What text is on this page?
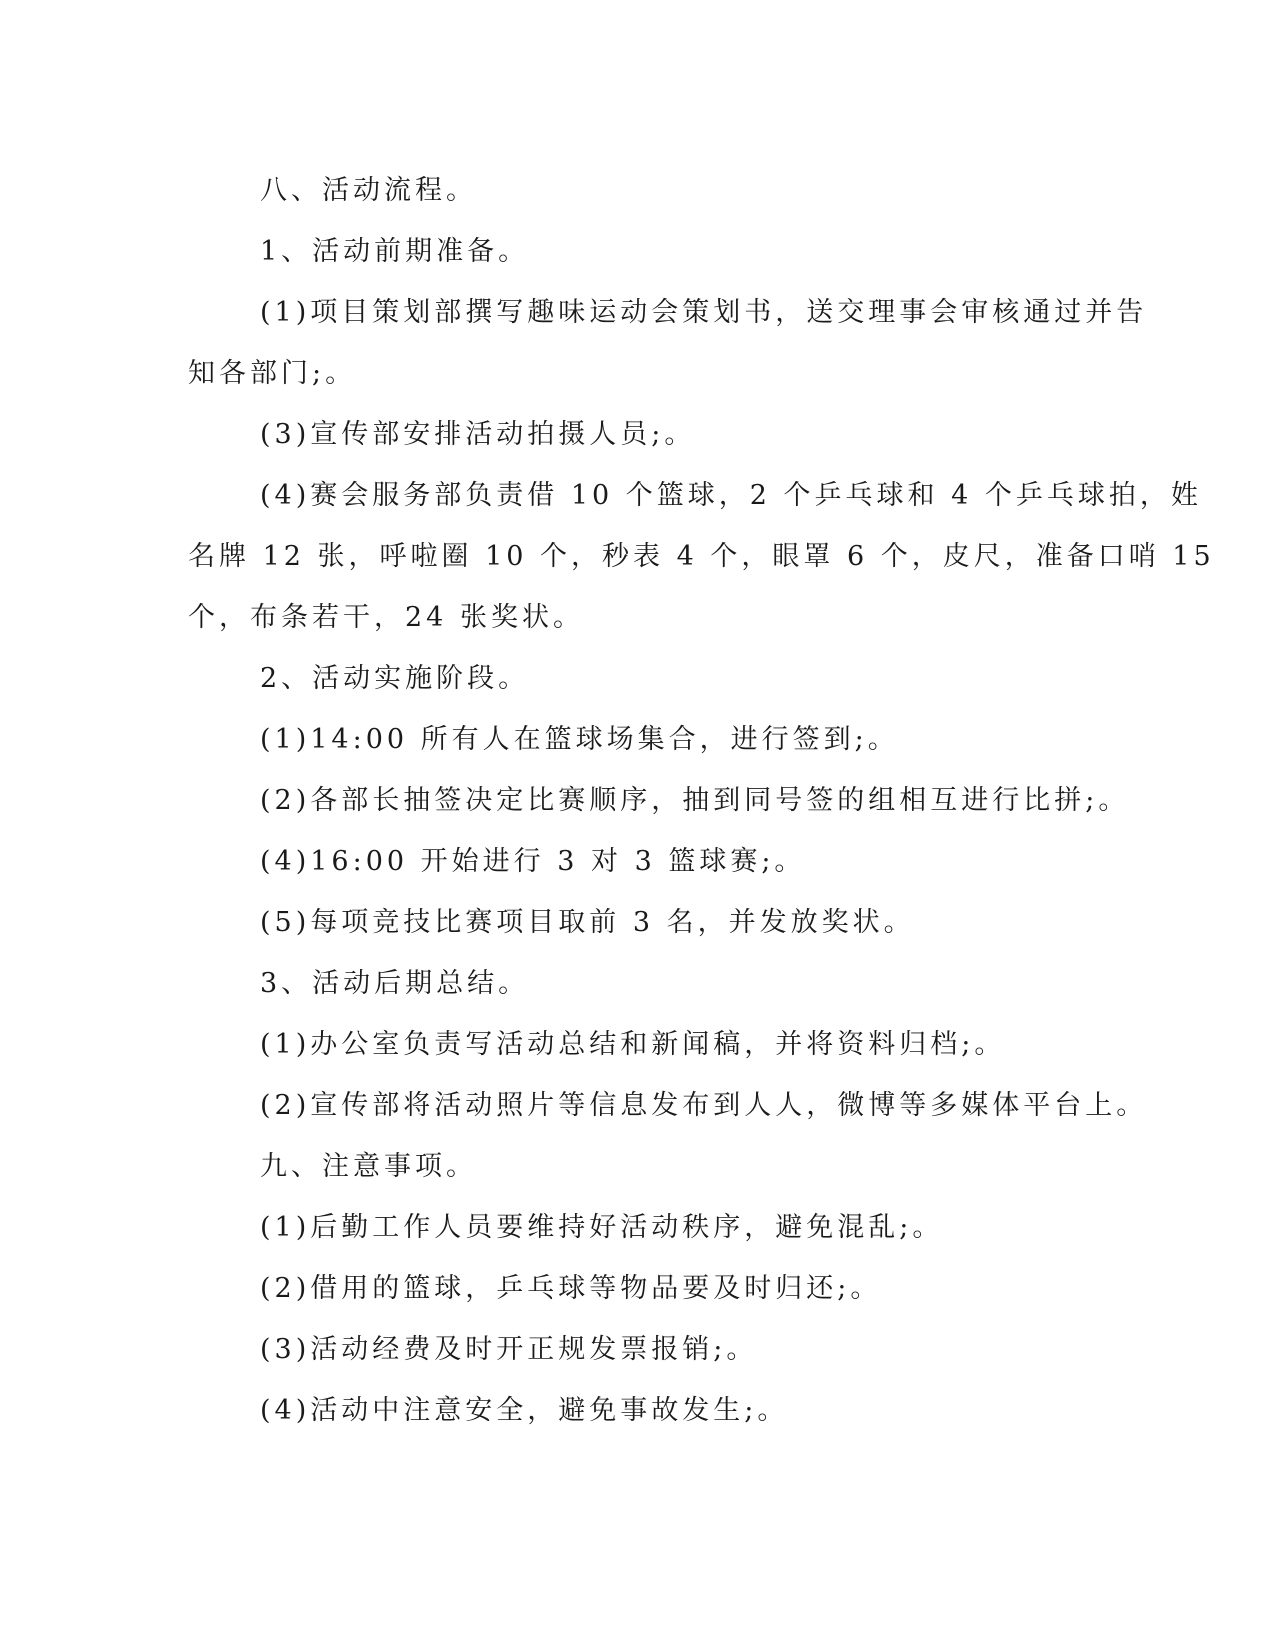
八、活动流程。
1、活动前期准备。
(1)项目策划部撰写趣味运动会策划书，送交理事会审核通过并告
知各部门;。
(3)宣传部安排活动拍摄人员;。
(4)赛会服务部负责借 10 个篮球，2 个乒乓球和 4 个乒乓球拍，姓
名牌 12 张，呼啦圈 10 个，秒表 4 个，眼罩 6 个，皮尺，准备口哨 15
个，布条若干，24 张奖状。
2、活动实施阶段。
(1)14:00 所有人在篮球场集合，进行签到;。
(2)各部长抽签决定比赛顺序，抽到同号签的组相互进行比拼;。
(4)16:00 开始进行 3 对 3 篮球赛;。
(5)每项竞技比赛项目取前 3 名，并发放奖状。
3、活动后期总结。
(1)办公室负责写活动总结和新闻稿，并将资料归档;。
(2)宣传部将活动照片等信息发布到人人，微博等多媒体平台上。
九、注意事项。
(1)后勤工作人员要维持好活动秩序，避免混乱;。
(2)借用的篮球，乒乓球等物品要及时归还;。
(3)活动经费及时开正规发票报销;。
(4)活动中注意安全，避免事故发生;。
